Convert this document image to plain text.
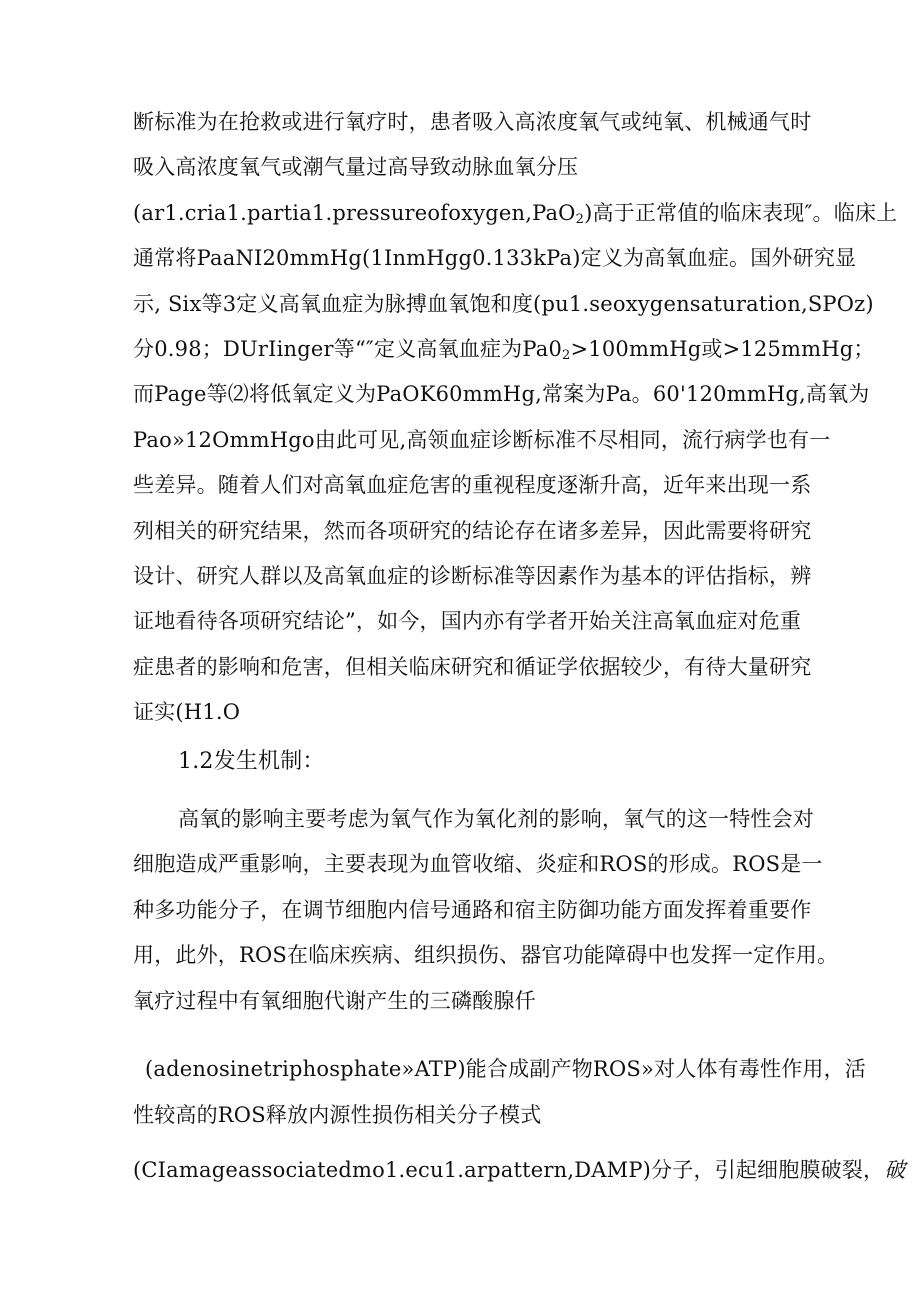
断标准为在抢救或进行氧疗时，患者吸入高浓度氧气或纯氧、机械通气时
吸入高浓度氧气或潮气量过高导致动脉血氧分压
(ar1.cria1.partia1.pressureofoxygen,PaO$_2$)高于正常值的临床表现″。临床上
通常将PaaNI20mmHg(1InmHgg0.133kPa)定义为高氧血症。国外研究显
示, Six等3定义高氧血症为脉搏血氧饱和度(pu1.seoxygensaturation,SPOz)
分0.98；DUrIinger等“″定义高氧血症为$Pa0_2>100mmHg$或>125mmHg；
而Page等⑵将低氧定义为PaOK60mmHg,常案为Pa。60'120mmHg,高氧为
Pao»12OmmHgo由此可见,高领血症诊断标准不尽相同，流行病学也有一
些差异。随着人们对高氧血症危害的重视程度逐渐升高，近年来出现一系
列相关的研究结果，然而各项研究的结论存在诸多差异，因此需要将研究
设计、研究人群以及高氧血症的诊断标准等因素作为基本的评估指标，辨
证地看待各项研究结论”，如今，国内亦有学者开始关注高氧血症对危重
症患者的影响和危害，但相关临床研究和循证学依据较少，有待大量研究
证实(H1.O
1.2发生机制：
高氧的影响主要考虑为氧气作为氧化剂的影响，氧气的这一特性会对
细胞造成严重影响，主要表现为血管收缩、炎症和ROS的形成。ROS是一
种多功能分子，在调节细胞内信号通路和宿主防御功能方面发挥着重要作
用，此外，ROS在临床疾病、组织损伤、器官功能障碍中也发挥一定作用。
氧疗过程中有氧细胞代谢产生的三磷酸腺仟
(adenosinetriphosphate»ATP)能合成副产物ROS»对人体有毒性作用，活
性较高的ROS释放内源性损伤相关分子模式
(CIamageassociatedmo1.ecu1.arpattern,DAMP)分子，引起细胞膜破裂，破
